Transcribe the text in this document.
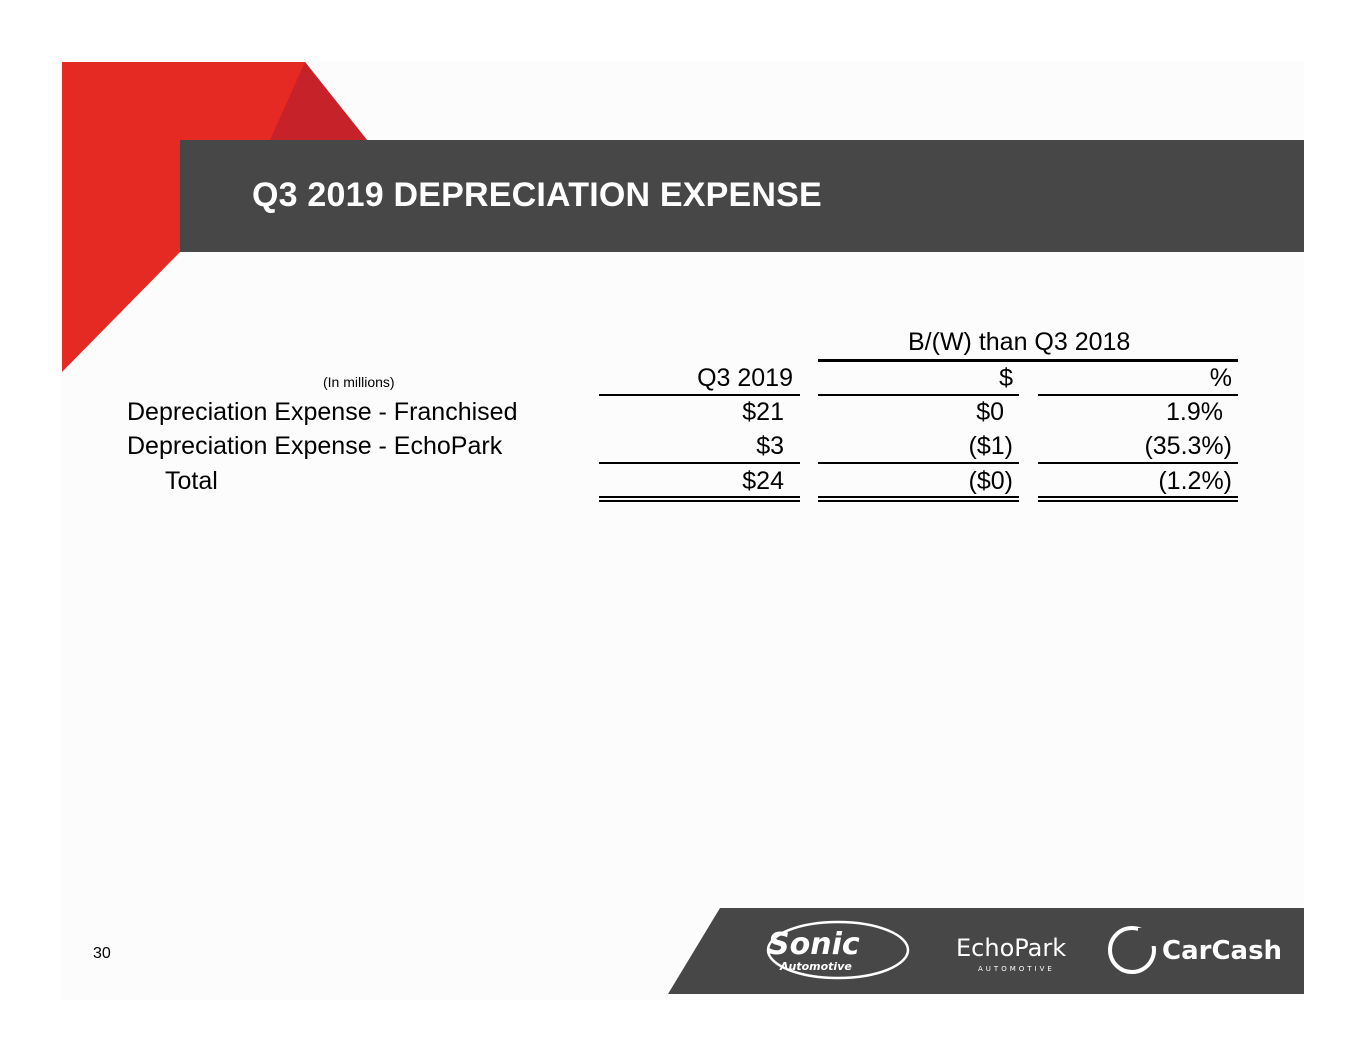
Q3 2019 DEPRECIATION EXPENSE
B/(W) than Q3 2018
(In millions)	Q3 2019	$	%
Depreciation Expense - Franchised	$21	$0	1.9%
Depreciation Expense - EchoPark	$3	($1)	(35.3%)
Total	$24	($0)	(1.2%)
30	Sonic
Automotive
EchoPark
AUTOMOTIVE
CarCash
